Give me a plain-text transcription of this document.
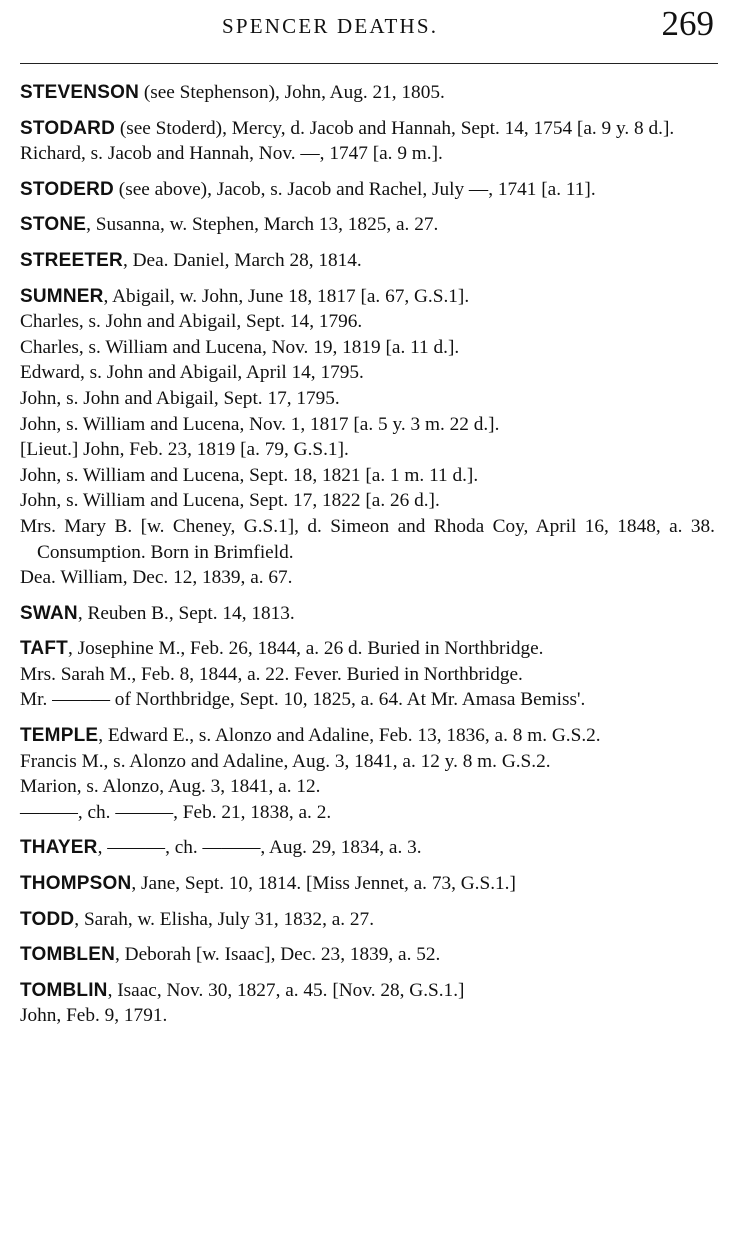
SPENCER DEATHS.	269
STEVENSON (see Stephenson), John, Aug. 21, 1805.
STODARD (see Stoderd), Mercy, d. Jacob and Hannah, Sept. 14, 1754 [a. 9 y. 8 d.].
Richard, s. Jacob and Hannah, Nov. —, 1747 [a. 9 m.].
STODERD (see above), Jacob, s. Jacob and Rachel, July —, 1741 [a. 11].
STONE, Susanna, w. Stephen, March 13, 1825, a. 27.
STREETER, Dea. Daniel, March 28, 1814.
SUMNER, Abigail, w. John, June 18, 1817 [a. 67, G.S.1].
Charles, s. John and Abigail, Sept. 14, 1796.
Charles, s. William and Lucena, Nov. 19, 1819 [a. 11 d.].
Edward, s. John and Abigail, April 14, 1795.
John, s. John and Abigail, Sept. 17, 1795.
John, s. William and Lucena, Nov. 1, 1817 [a. 5 y. 3 m. 22 d.].
[Lieut.] John, Feb. 23, 1819 [a. 79, G.S.1].
John, s. William and Lucena, Sept. 18, 1821 [a. 1 m. 11 d.].
John, s. William and Lucena, Sept. 17, 1822 [a. 26 d.].
Mrs. Mary B. [w. Cheney, G.S.1], d. Simeon and Rhoda Coy, April 16, 1848, a. 38. Consumption. Born in Brimfield.
Dea. William, Dec. 12, 1839, a. 67.
SWAN, Reuben B., Sept. 14, 1813.
TAFT, Josephine M., Feb. 26, 1844, a. 26 d. Buried in Northbridge.
Mrs. Sarah M., Feb. 8, 1844, a. 22. Fever. Buried in Northbridge.
Mr. ——— of Northbridge, Sept. 10, 1825, a. 64. At Mr. Amasa Bemiss'.
TEMPLE, Edward E., s. Alonzo and Adaline, Feb. 13, 1836, a. 8 m. G.S.2.
Francis M., s. Alonzo and Adaline, Aug. 3, 1841, a. 12 y. 8 m. G.S.2.
Marion, s. Alonzo, Aug. 3, 1841, a. 12.
———, ch. ———, Feb. 21, 1838, a. 2.
THAYER, ———, ch. ———, Aug. 29, 1834, a. 3.
THOMPSON, Jane, Sept. 10, 1814. [Miss Jennet, a. 73, G.S.1.]
TODD, Sarah, w. Elisha, July 31, 1832, a. 27.
TOMBLEN, Deborah [w. Isaac], Dec. 23, 1839, a. 52.
TOMBLIN, Isaac, Nov. 30, 1827, a. 45. [Nov. 28, G.S.1.]
John, Feb. 9, 1791.
